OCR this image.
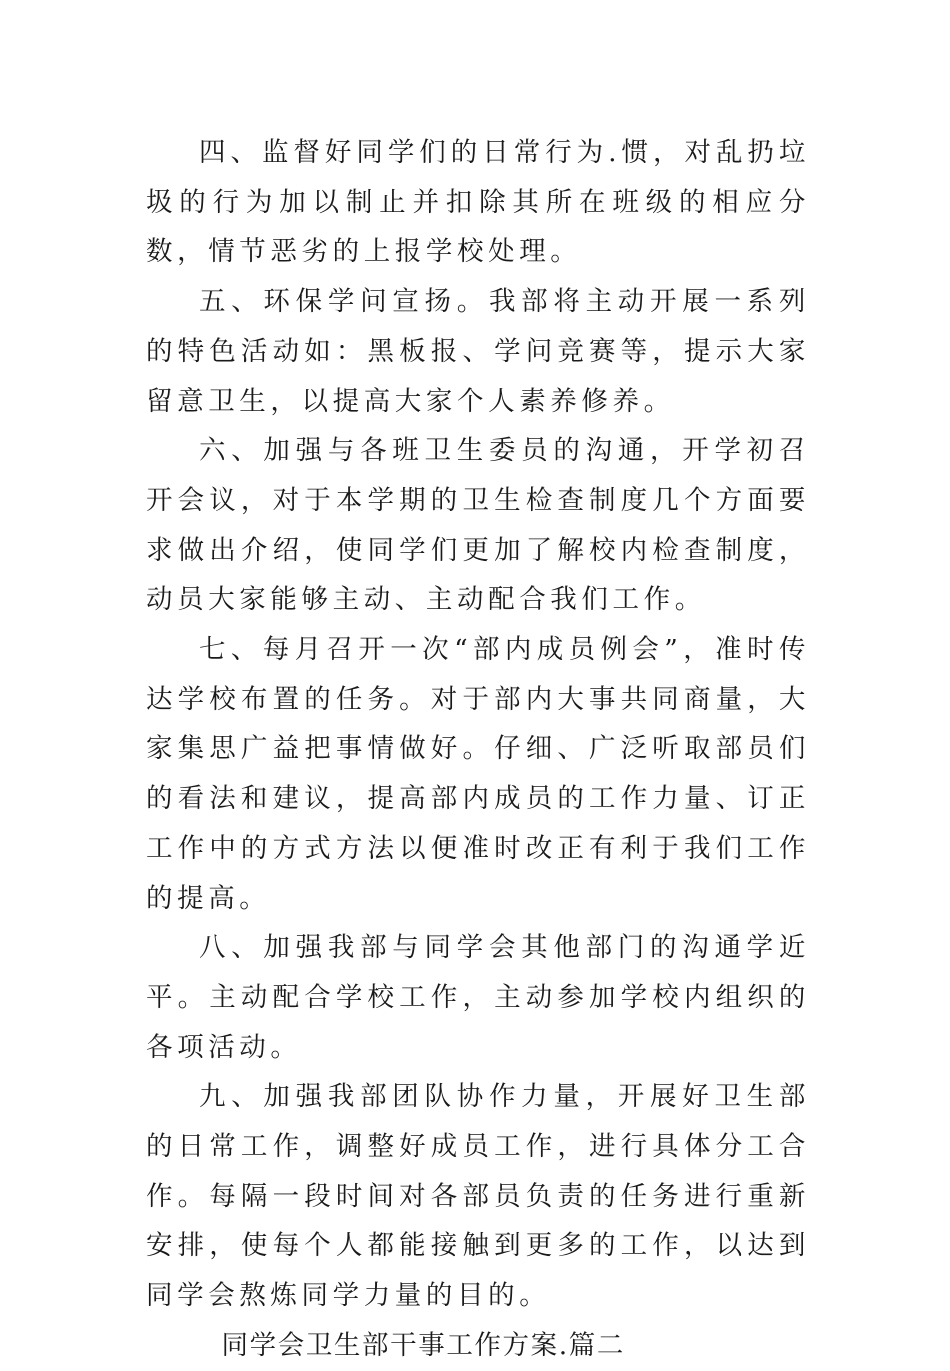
四、监督好同学们的日常行为.惯，对乱扔垃圾的行为加以制止并扣除其所在班级的相应分数，情节恶劣的上报学校处理。

五、环保学问宣扬。我部将主动开展一系列的特色活动如：黑板报、学问竞赛等，提示大家留意卫生，以提高大家个人素养修养。

六、加强与各班卫生委员的沟通，开学初召开会议，对于本学期的卫生检查制度几个方面要求做出介绍，使同学们更加了解校内检查制度，动员大家能够主动、主动配合我们工作。

七、每月召开一次“部内成员例会”，准时传达学校布置的任务。对于部内大事共同商量，大家集思广益把事情做好。仔细、广泛听取部员们的看法和建议，提高部内成员的工作力量、订正工作中的方式方法以便准时改正有利于我们工作的提高。

八、加强我部与同学会其他部门的沟通学近平。主动配合学校工作，主动参加学校内组织的各项活动。

九、加强我部团队协作力量，开展好卫生部的日常工作，调整好成员工作，进行具体分工合作。每隔一段时间对各部员负责的任务进行重新安排，使每个人都能接触到更多的工作，以达到同学会熬炼同学力量的目的。

同学会卫生部干事工作方案.篇二
